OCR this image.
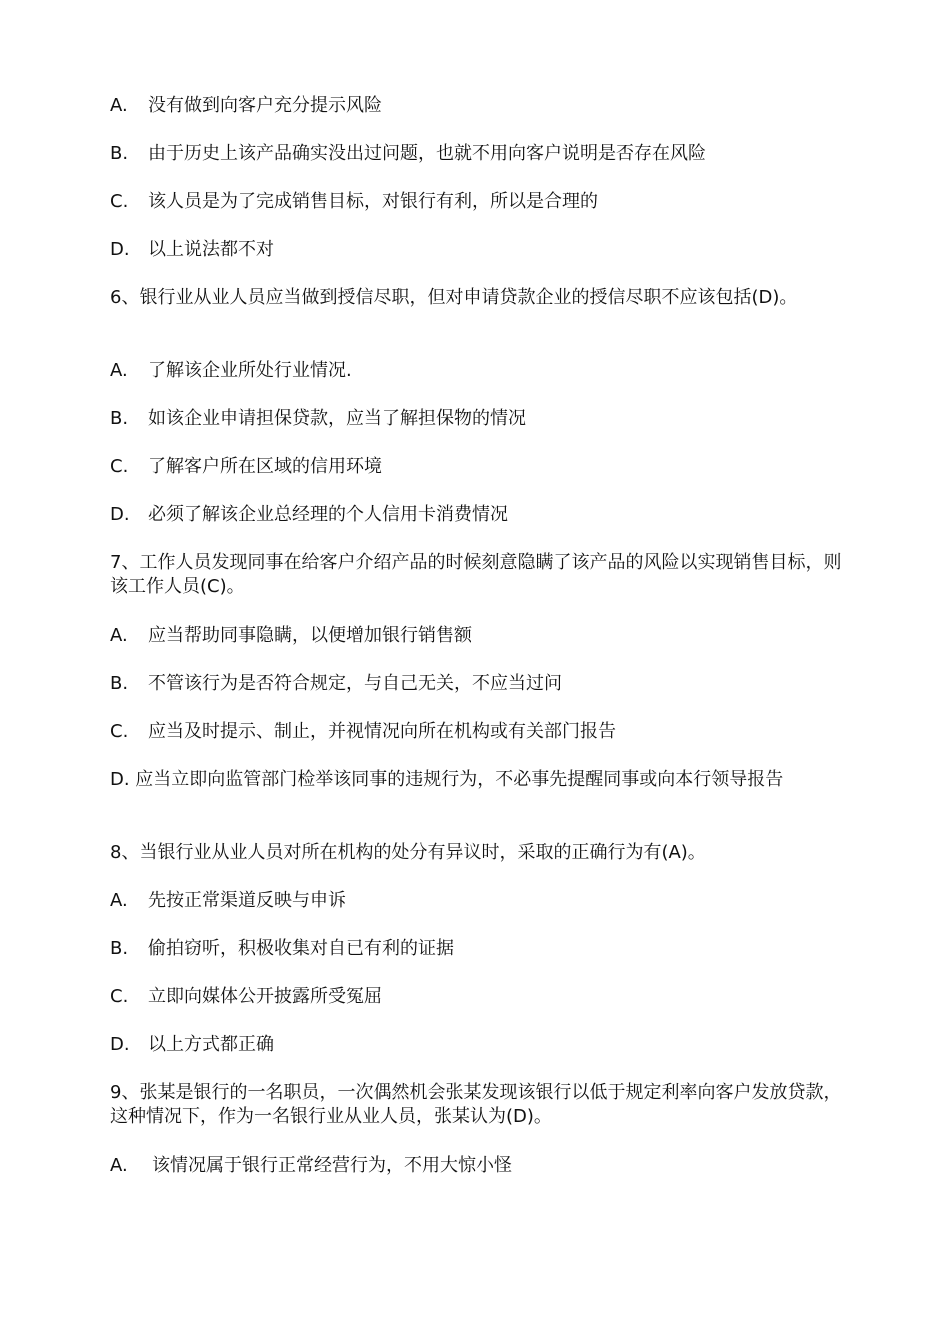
A. 没有做到向客户充分提示风险
B. 由于历史上该产品确实没出过问题，也就不用向客户说明是否存在风险
C. 该人员是为了完成销售目标，对银行有利，所以是合理的
D. 以上说法都不对
6、银行业从业人员应当做到授信尽职，但对申请贷款企业的授信尽职不应该包括(D)。
A. 了解该企业所处行业情况.
B. 如该企业申请担保贷款，应当了解担保物的情况
C. 了解客户所在区域的信用环境
D. 必须了解该企业总经理的个人信用卡消费情况
7、工作人员发现同事在给客户介绍产品的时候刻意隐瞒了该产品的风险以实现销售目标，则该工作人员(C)。
A. 应当帮助同事隐瞒，以便增加银行销售额
B. 不管该行为是否符合规定，与自己无关，不应当过问
C. 应当及时提示、制止，并视情况向所在机构或有关部门报告
D. 应当立即向监管部门检举该同事的违规行为，不必事先提醒同事或向本行领导报告
8、当银行业从业人员对所在机构的处分有异议时，采取的正确行为有(A)。
A. 先按正常渠道反映与申诉
B. 偷拍窃听，积极收集对自已有利的证据
C. 立即向媒体公开披露所受冤屈
D. 以上方式都正确
9、张某是银行的一名职员，一次偶然机会张某发现该银行以低于规定利率向客户发放贷款，这种情况下，作为一名银行业从业人员，张某认为(D)。
A. 该情况属于银行正常经营行为，不用大惊小怪
